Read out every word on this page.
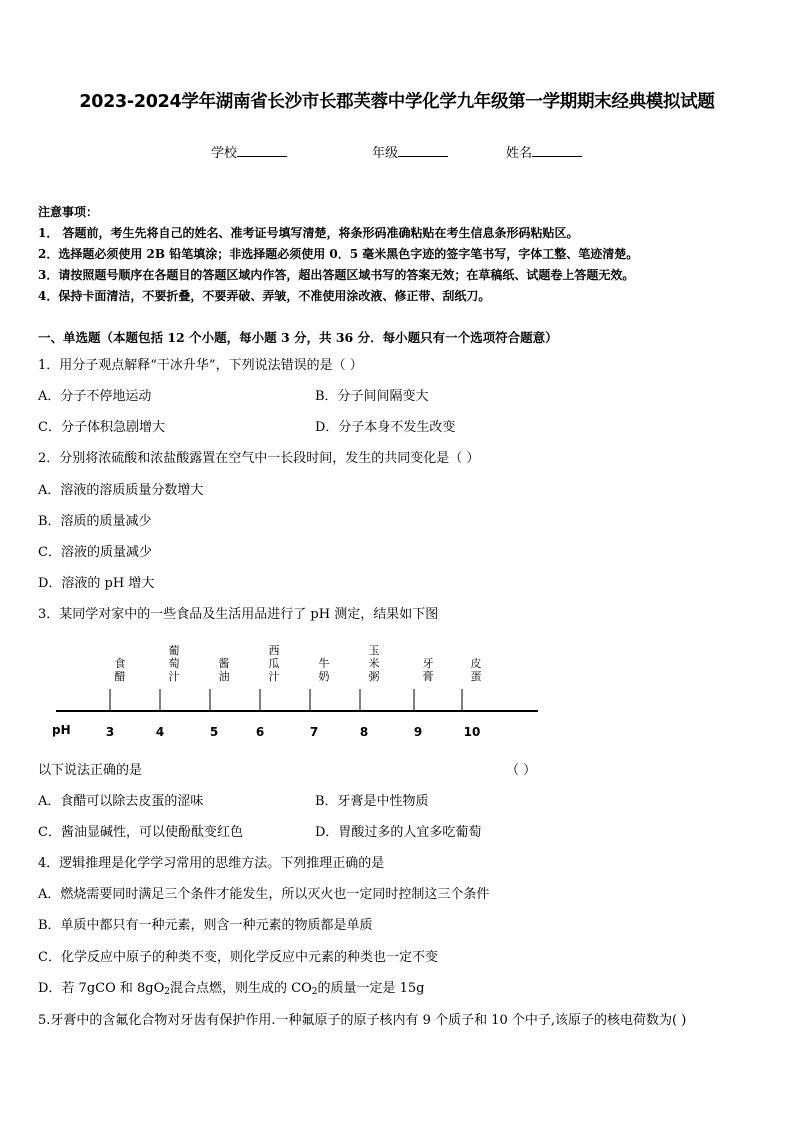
2023-2024学年湖南省长沙市长郡芙蓉中学化学九年级第一学期期末经典模拟试题
学校	年级	姓名
注意事项：
1． 答题前，考生先将自己的姓名、准考证号填写清楚，将条形码准确粘贴在考生信息条形码粘贴区。
2．选择题必须使用 2B 铅笔填涂；非选择题必须使用 0．5 毫米黑色字迹的签字笔书写，字体工整、笔迹清楚。
3．请按照题号顺序在各题目的答题区域内作答，超出答题区域书写的答案无效；在草稿纸、试题卷上答题无效。
4．保持卡面清洁，不要折叠，不要弄破、弄皱，不准使用涂改液、修正带、刮纸刀。
一、单选题（本题包括 12 个小题，每小题 3 分，共 36 分．每小题只有一个选项符合题意）
1．用分子观点解释“干冰升华”，下列说法错误的是（ ）
A．分子不停地运动	B．分子间间隔变大
C．分子体积急剧增大	D．分子本身不发生改变
2．分别将浓硫酸和浓盐酸露置在空气中一长段时间，发生的共同变化是（ ）
A．溶液的溶质质量分数增大
B．溶质的质量减少
C．溶液的质量减少
D．溶液的 pH 增大
3．某同学对家中的一些食品及生活用品进行了 pH 测定，结果如下图
pH	3	4	5	6	7	8	9	10
食
醋
葡
萄
汁
酱
油
西
瓜
汁
牛
奶
玉
米
粥
牙
膏
皮
蛋
以下说法正确的是	（ ）
A．食醋可以除去皮蛋的涩味	B．牙膏是中性物质
C．酱油显碱性，可以使酚酞变红色	D．胃酸过多的人宜多吃葡萄
4．逻辑推理是化学学习常用的思维方法。下列推理正确的是
A．燃烧需要同时满足三个条件才能发生，所以灭火也一定同时控制这三个条件
B．单质中都只有一种元素，则含一种元素的物质都是单质
C．化学反应中原子的种类不变，则化学反应中元素的种类也一定不变
D．若 7gCO 和 $8gO_2$混合点燃，则生成的 $CO_2$的质量一定是 15g
5.牙膏中的含氟化合物对牙齿有保护作用.一种氟原子的原子核内有 9 个质子和 10 个中子,该原子的核电荷数为( )
